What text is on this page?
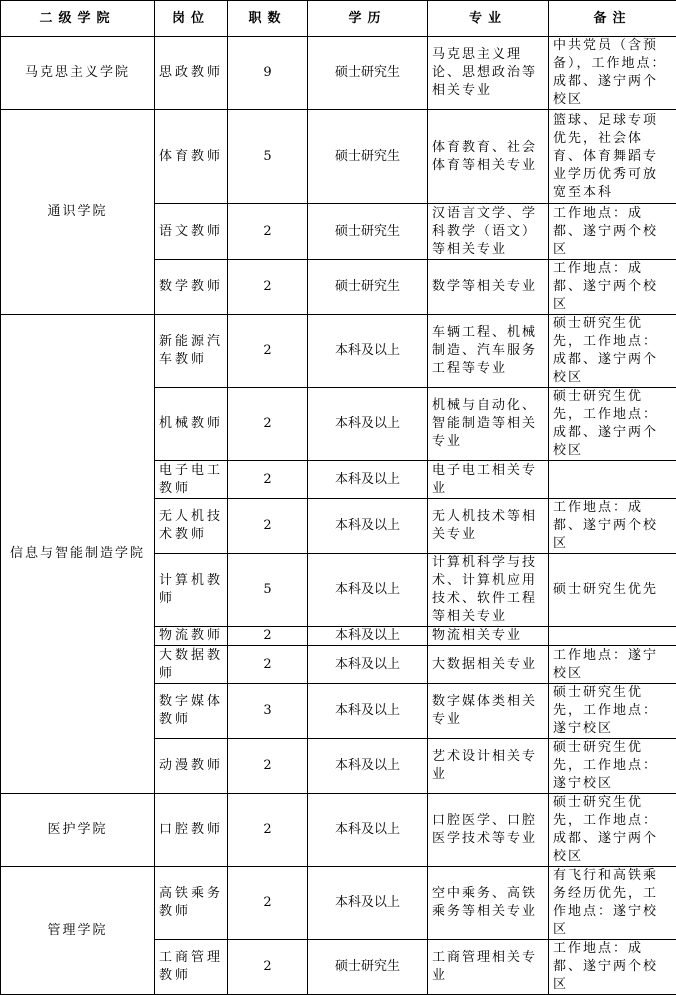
二级学院	岗位	职数	学历	专业	备注
马克思主义学院	思政教师	9	硕士研究生	马克思主义理论、思想政治等相关专业	中共党员（含预备），工作地点：成都、遂宁两个校区
通识学院	体育教师	5	硕士研究生	体育教育、社会体育等相关专业	篮球、足球专项优先，社会体育、体育舞蹈专业学历优秀可放宽至本科
	语文教师	2	硕士研究生	汉语言文学、学科教学（语文）等相关专业	工作地点：成都、遂宁两个校区
	数学教师	2	硕士研究生	数学等相关专业	工作地点：成都、遂宁两个校区
信息与智能制造学院	新能源汽车教师	2	本科及以上	车辆工程、机械制造、汽车服务工程等专业	硕士研究生优先，工作地点：成都、遂宁两个校区
	机械教师	2	本科及以上	机械与自动化、智能制造等相关专业	硕士研究生优先，工作地点：成都、遂宁两个校区
	电子电工教师	2	本科及以上	电子电工相关专业	
	无人机技术教师	2	本科及以上	无人机技术等相关专业	工作地点：成都、遂宁两个校区
	计算机教师	5	本科及以上	计算机科学与技术、计算机应用技术、软件工程等相关专业	硕士研究生优先
	物流教师	2	本科及以上	物流相关专业	
	大数据教师	2	本科及以上	大数据相关专业	工作地点：遂宁校区
	数字媒体教师	3	本科及以上	数字媒体类相关专业	硕士研究生优先，工作地点：遂宁校区
	动漫教师	2	本科及以上	艺术设计相关专业	硕士研究生优先，工作地点：遂宁校区
医护学院	口腔教师	2	本科及以上	口腔医学、口腔医学技术等专业	硕士研究生优先，工作地点：成都、遂宁两个校区
管理学院	高铁乘务教师	2	本科及以上	空中乘务、高铁乘务等相关专业	有飞行和高铁乘务经历优先，工作地点：遂宁校区
	工商管理教师	2	硕士研究生	工商管理相关专业	工作地点：成都、遂宁两个校区
